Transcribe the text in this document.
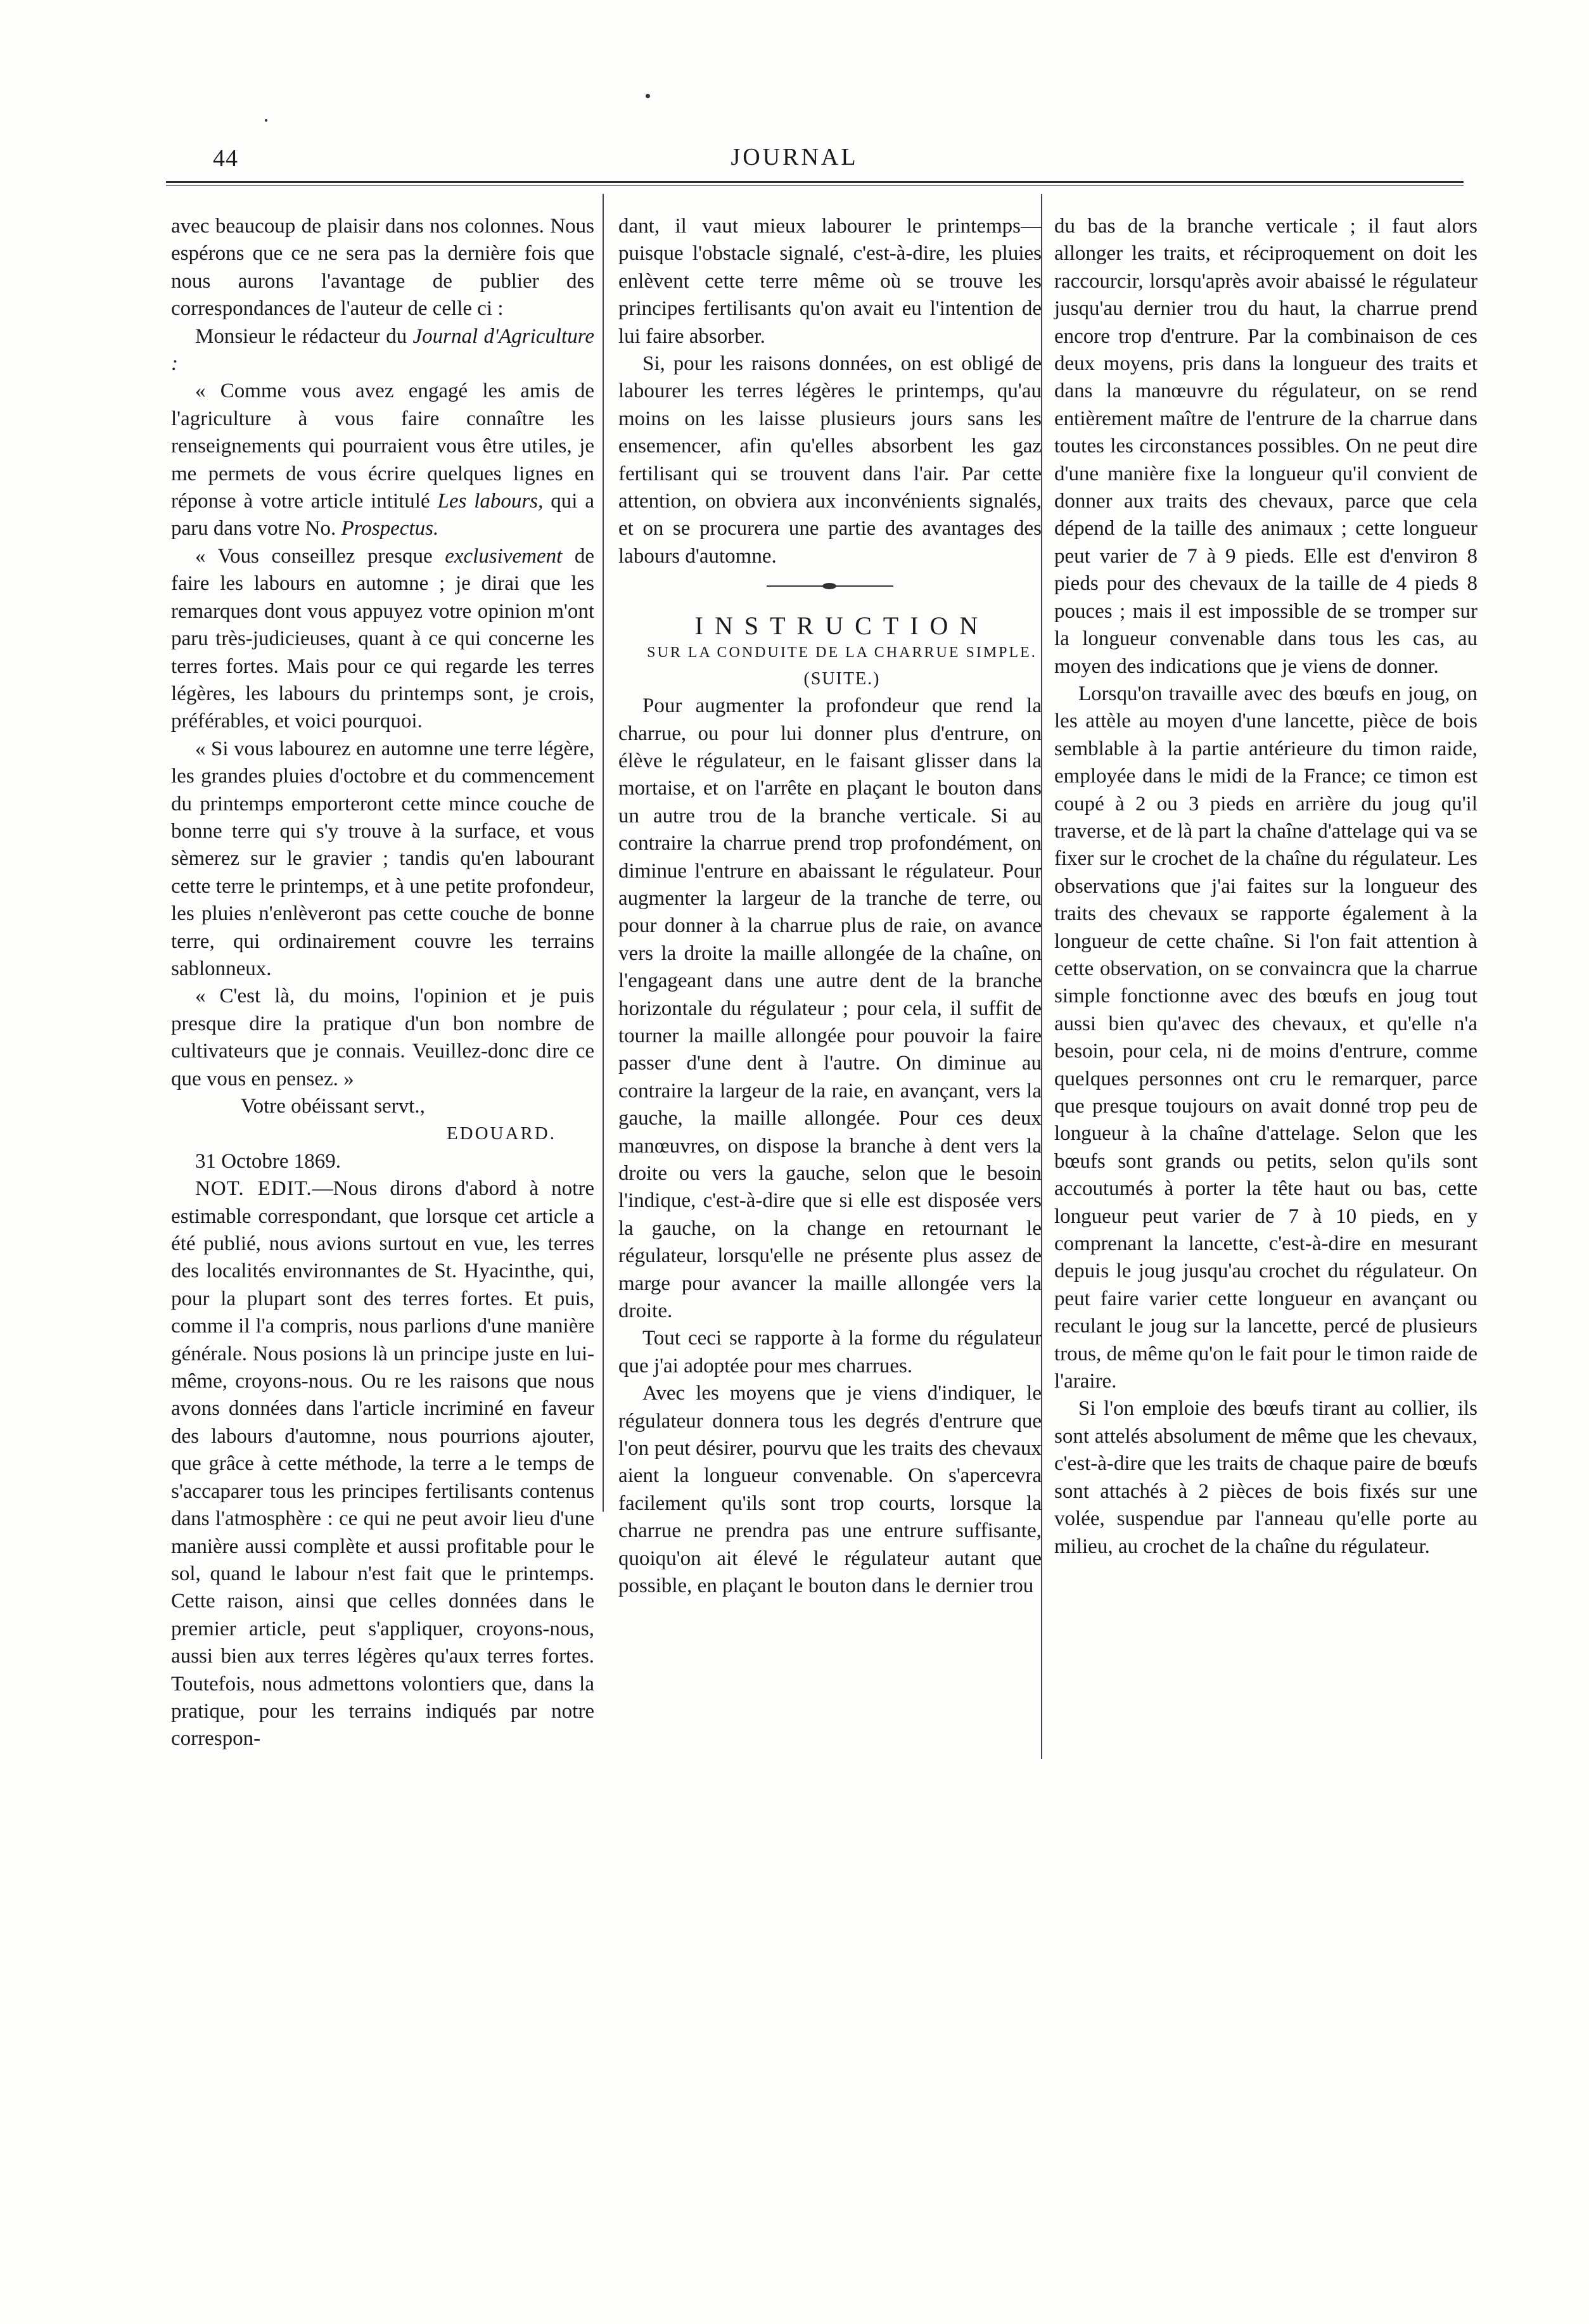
44	JOURNAL

avec beaucoup de plaisir dans nos colonnes. Nous espérons que ce ne sera pas la dernière fois que nous aurons l'avantage de publier des correspondances de l'auteur de celle ci :

Monsieur le rédacteur du Journal d'Agriculture :

« Comme vous avez engagé les amis de l'agriculture à vous faire connaître les renseignements qui pourraient vous être utiles, je me permets de vous écrire quelques lignes en réponse à votre article intitulé Les labours, qui a paru dans votre No. Prospectus.

« Vous conseillez presque exclusivement de faire les labours en automne ; je dirai que les remarques dont vous appuyez votre opinion m'ont paru très-judicieuses, quant à ce qui concerne les terres fortes. Mais pour ce qui regarde les terres légères, les labours du printemps sont, je crois, préférables, et voici pourquoi.

« Si vous labourez en automne une terre légère, les grandes pluies d'octobre et du commencement du printemps emporteront cette mince couche de bonne terre qui s'y trouve à la surface, et vous sèmerez sur le gravier ; tandis qu'en labourant cette terre le printemps, et à une petite profondeur, les pluies n'enlèveront pas cette couche de bonne terre, qui ordinairement couvre les terrains sablonneux.

« C'est là, du moins, l'opinion et je puis presque dire la pratique d'un bon nombre de cultivateurs que je connais. Veuillez-donc dire ce que vous en pensez. »

Votre obéissant servt.,

EDOUARD.

31 Octobre 1869.

NOT. EDIT.—Nous dirons d'abord à notre estimable correspondant, que lorsque cet article a été publié, nous avions surtout en vue, les terres des localités environnantes de St. Hyacinthe, qui, pour la plupart sont des terres fortes. Et puis, comme il l'a compris, nous parlions d'une manière générale. Nous posions là un principe juste en lui-même, croyons-nous. Ou re les raisons que nous avons données dans l'article incriminé en faveur des labours d'automne, nous pourrions ajouter, que grâce à cette méthode, la terre a le temps de s'accaparer tous les principes fertilisants contenus dans l'atmosphère : ce qui ne peut avoir lieu d'une manière aussi complète et aussi profitable pour le sol, quand le labour n'est fait que le printemps. Cette raison, ainsi que celles données dans le premier article, peut s'appliquer, croyons-nous, aussi bien aux terres légères qu'aux terres fortes. Toutefois, nous admettons volontiers que, dans la pratique, pour les terrains indiqués par notre correspon-

dant, il vaut mieux labourer le printemps—puisque l'obstacle signalé, c'est-à-dire, les pluies enlèvent cette terre même où se trouve les principes fertilisants qu'on avait eu l'intention de lui faire absorber.

Si, pour les raisons données, on est obligé de labourer les terres légères le printemps, qu'au moins on les laisse plusieurs jours sans les ensemencer, afin qu'elles absorbent les gaz fertilisant qui se trouvent dans l'air. Par cette attention, on obviera aux inconvénients signalés, et on se procurera une partie des avantages des labours d'automne.

INSTRUCTION

SUR LA CONDUITE DE LA CHARRUE SIMPLE.

(SUITE.)

Pour augmenter la profondeur que rend la charrue, ou pour lui donner plus d'entrure, on élève le régulateur, en le faisant glisser dans la mortaise, et on l'arrête en plaçant le bouton dans un autre trou de la branche verticale. Si au contraire la charrue prend trop profondément, on diminue l'entrure en abaissant le régulateur. Pour augmenter la largeur de la tranche de terre, ou pour donner à la charrue plus de raie, on avance vers la droite la maille allongée de la chaîne, on l'engageant dans une autre dent de la branche horizontale du régulateur ; pour cela, il suffit de tourner la maille allongée pour pouvoir la faire passer d'une dent à l'autre. On diminue au contraire la largeur de la raie, en avançant, vers la gauche, la maille allongée. Pour ces deux manœuvres, on dispose la branche à dent vers la droite ou vers la gauche, selon que le besoin l'indique, c'est-à-dire que si elle est disposée vers la gauche, on la change en retournant le régulateur, lorsqu'elle ne présente plus assez de marge pour avancer la maille allongée vers la droite.

Tout ceci se rapporte à la forme du régulateur que j'ai adoptée pour mes charrues.

Avec les moyens que je viens d'indiquer, le régulateur donnera tous les degrés d'entrure que l'on peut désirer, pourvu que les traits des chevaux aient la longueur convenable. On s'apercevra facilement qu'ils sont trop courts, lorsque la charrue ne prendra pas une entrure suffisante, quoiqu'on ait élevé le régulateur autant que possible, en plaçant le bouton dans le dernier trou

du bas de la branche verticale ; il faut alors allonger les traits, et réciproquement on doit les raccourcir, lorsqu'après avoir abaissé le régulateur jusqu'au dernier trou du haut, la charrue prend encore trop d'entrure. Par la combinaison de ces deux moyens, pris dans la longueur des traits et dans la manœuvre du régulateur, on se rend entièrement maître de l'entrure de la charrue dans toutes les circonstances possibles. On ne peut dire d'une manière fixe la longueur qu'il convient de donner aux traits des chevaux, parce que cela dépend de la taille des animaux ; cette longueur peut varier de 7 à 9 pieds. Elle est d'environ 8 pieds pour des chevaux de la taille de 4 pieds 8 pouces ; mais il est impossible de se tromper sur la longueur convenable dans tous les cas, au moyen des indications que je viens de donner.

Lorsqu'on travaille avec des bœufs en joug, on les attèle au moyen d'une lancette, pièce de bois semblable à la partie antérieure du timon raide, employée dans le midi de la France; ce timon est coupé à 2 ou 3 pieds en arrière du joug qu'il traverse, et de là part la chaîne d'attelage qui va se fixer sur le crochet de la chaîne du régulateur. Les observations que j'ai faites sur la longueur des traits des chevaux se rapporte également à la longueur de cette chaîne. Si l'on fait attention à cette observation, on se convaincra que la charrue simple fonctionne avec des bœufs en joug tout aussi bien qu'avec des chevaux, et qu'elle n'a besoin, pour cela, ni de moins d'entrure, comme quelques personnes ont cru le remarquer, parce que presque toujours on avait donné trop peu de longueur à la chaîne d'attelage. Selon que les bœufs sont grands ou petits, selon qu'ils sont accoutumés à porter la tête haut ou bas, cette longueur peut varier de 7 à 10 pieds, en y comprenant la lancette, c'est-à-dire en mesurant depuis le joug jusqu'au crochet du régulateur. On peut faire varier cette longueur en avançant ou reculant le joug sur la lancette, percé de plusieurs trous, de même qu'on le fait pour le timon raide de l'araire.

Si l'on emploie des bœufs tirant au collier, ils sont attelés absolument de même que les chevaux, c'est-à-dire que les traits de chaque paire de bœufs sont attachés à 2 pièces de bois fixés sur une volée, suspendue par l'anneau qu'elle porte au milieu, au crochet de la chaîne du régulateur.
